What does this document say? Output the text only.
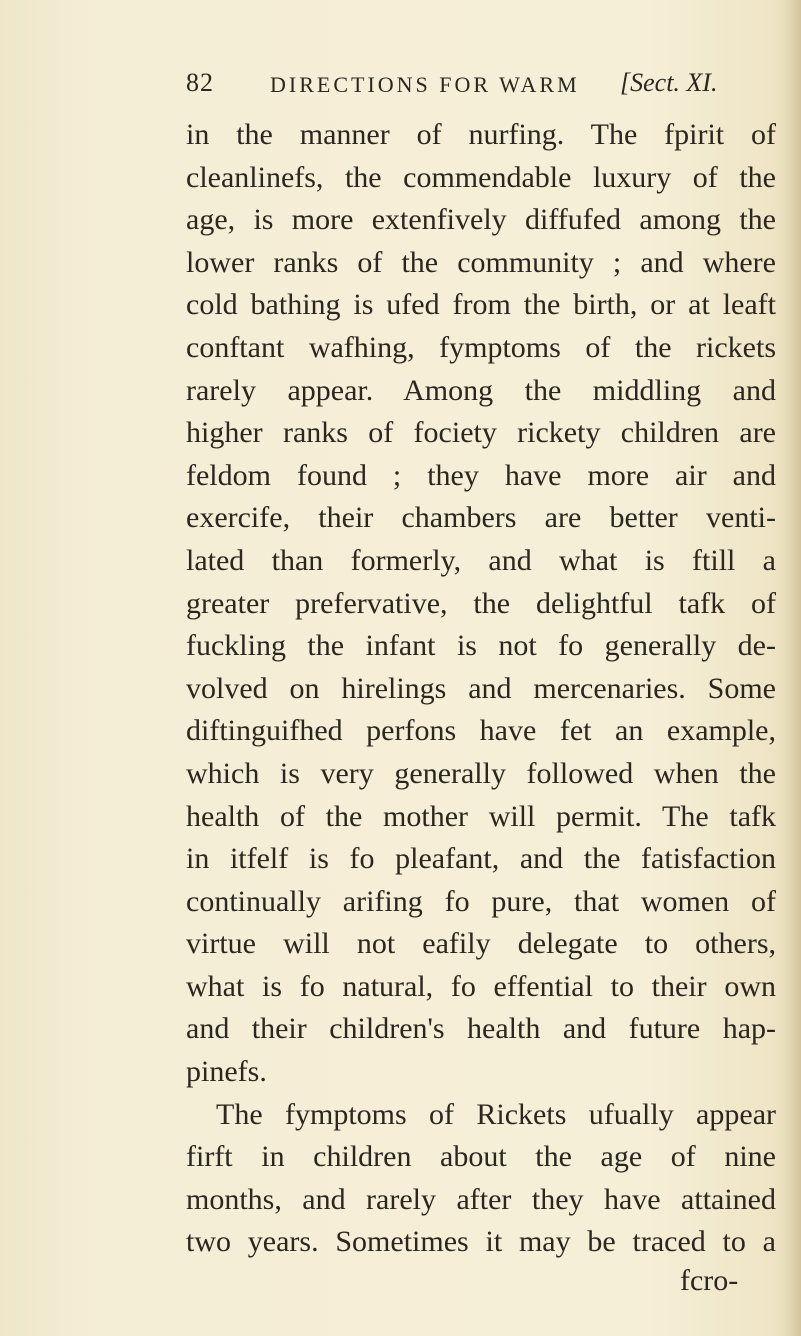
82	DIRECTIONS FOR WARM [Sect. XI.
in the manner of nurfing. The fpirit of
cleanlinefs, the commendable luxury of the
age, is more extenfively diffufed among the
lower ranks of the community ; and where
cold bathing is ufed from the birth, or at leaft
conftant wafhing, fymptoms of the rickets
rarely appear. Among the middling and
higher ranks of fociety rickety children are
feldom found ; they have more air and
exercife, their chambers are better venti-
lated than formerly, and what is ftill a
greater prefervative, the delightful tafk of
fuckling the infant is not fo generally de-
volved on hirelings and mercenaries. Some
diftinguifhed perfons have fet an example,
which is very generally followed when the
health of the mother will permit. The tafk
in itfelf is fo pleafant, and the fatisfaction
continually arifing fo pure, that women of
virtue will not eafily delegate to others,
what is fo natural, fo effential to their own
and their children's health and future hap-
pinefs.
The fymptoms of Rickets ufually appear
firft in children about the age of nine
months, and rarely after they have attained
two years. Sometimes it may be traced to a
fcro-
